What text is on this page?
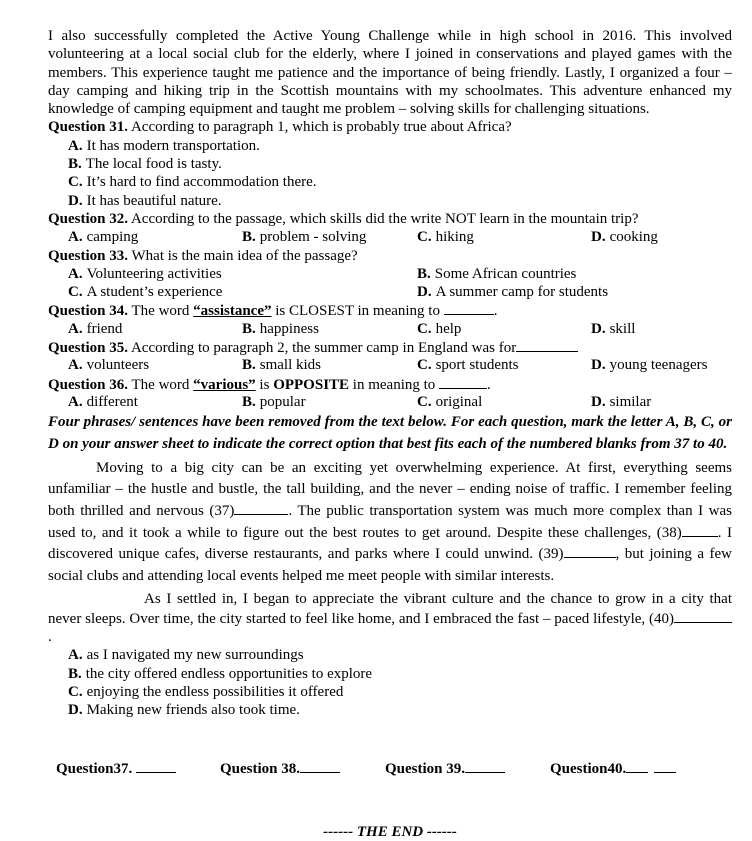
I also successfully completed the Active Young Challenge while in high school in 2016. This involved volunteering at a local social club for the elderly, where I joined in conservations and played games with the members. This experience taught me patience and the importance of being friendly. Lastly, I organized a four – day camping and hiking trip in the Scottish mountains with my schoolmates. This adventure enhanced my knowledge of camping equipment and taught me problem – solving skills for challenging situations.

Question 31. According to paragraph 1, which is probably true about Africa?
A. It has modern transportation.
B. The local food is tasty.
C. It’s hard to find accommodation there.
D. It has beautiful nature.
Question 32. According to the passage, which skills did the write NOT learn in the mountain trip?
A. camping	B. problem - solving	C. hiking	D. cooking
Question 33. What is the main idea of the passage?
A. Volunteering activities	B. Some African countries
C. A student’s experience	D. A summer camp for students
Question 34. The word “assistance” is CLOSEST in meaning to	.
A. friend	B. happiness	C. help	D. skill
Question 35. According to paragraph 2, the summer camp in England was for
A. volunteers	B. small kids	C. sport students	D. young teenagers
Question 36. The word “various” is OPPOSITE in meaning to	.
A. different	B. popular	C. original	D. similar
Four phrases/ sentences have been removed from the text below. For each question, mark the letter A, B, C, or D on your answer sheet to indicate the correct option that best fits each of the numbered blanks from 37 to 40.

Moving to a big city can be an exciting yet overwhelming experience. At first, everything seems unfamiliar – the hustle and bustle, the tall building, and the never – ending noise of traffic. I remember feeling both thrilled and nervous (37)	. The public transportation system was much more complex than I was used to, and it took a while to figure out the best routes to get around. Despite these challenges, (38) . I discovered unique cafes, diverse restaurants, and parks where I could unwind. (39)	, but joining a few social clubs and attending local events helped me meet people with similar interests.

As I settled in, I began to appreciate the vibrant culture and the chance to grow in a city that never sleeps. Over time, the city started to feel like home, and I embraced the fast – paced lifestyle, (40).

A. as I navigated my new surroundings
B. the city offered endless opportunities to explore
C. enjoying the endless possibilities it offered
D. Making new friends also took time.
Question37.	Question 38.	Question 39.	Question40.
------ THE END ------
